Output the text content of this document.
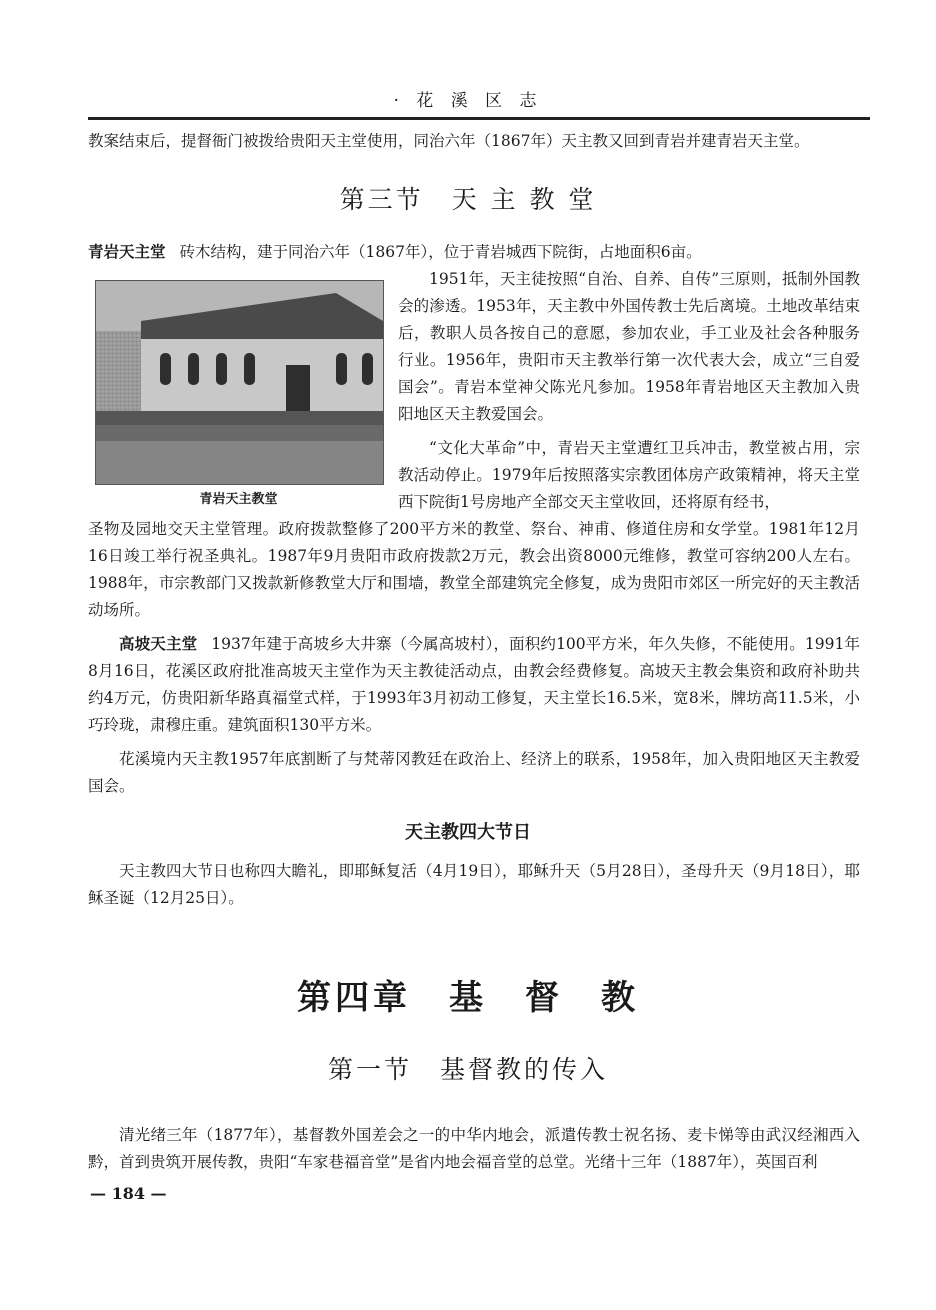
· 花 溪 区 志
教案结束后，提督衙门被拨给贵阳天主堂使用，同治六年（1867年）天主教又回到青岩并建青岩天主堂。
第三节　天 主 教 堂
青岩天主堂 砖木结构，建于同治六年（1867年），位于青岩城西下院街，占地面积6亩。
青岩天主教堂
1951年，天主徒按照“自治、自养、自传”三原则，抵制外国教会的渗透。1953年，天主教中外国传教士先后离境。土地改革结束后，教职人员各按自己的意愿，参加农业，手工业及社会各种服务行业。1956年，贵阳市天主教举行第一次代表大会，成立“三自爱国会”。青岩本堂神父陈光凡参加。1958年青岩地区天主教加入贵阳地区天主教爱国会。
“文化大革命”中，青岩天主堂遭红卫兵冲击，教堂被占用，宗教活动停止。1979年后按照落实宗教团体房产政策精神，将天主堂西下院街1号房地产全部交天主堂收回，还将原有经书，
圣物及园地交天主堂管理。政府拨款整修了200平方米的教堂、祭台、神甫、修道住房和女学堂。1981年12月16日竣工举行祝圣典礼。1987年9月贵阳市政府拨款2万元，教会出资8000元维修，教堂可容纳200人左右。1988年，市宗教部门又拨款新修教堂大厅和围墙，教堂全部建筑完全修复，成为贵阳市郊区一所完好的天主教活动场所。
高坡天主堂 1937年建于高坡乡大井寨（今属高坡村），面积约100平方米，年久失修，不能使用。1991年8月16日，花溪区政府批准高坡天主堂作为天主教徒活动点，由教会经费修复。高坡天主教会集资和政府补助共约4万元，仿贵阳新华路真福堂式样，于1993年3月初动工修复，天主堂长16.5米，宽8米，牌坊高11.5米，小巧玲珑，肃穆庄重。建筑面积130平方米。
花溪境内天主教1957年底割断了与梵蒂冈教廷在政治上、经济上的联系，1958年，加入贵阳地区天主教爱国会。
天主教四大节日
天主教四大节日也称四大瞻礼，即耶稣复活（4月19日），耶稣升天（5月28日），圣母升天（9月18日），耶稣圣诞（12月25日）。
第四章　基　督　教
第一节　基督教的传入
清光绪三年（1877年），基督教外国差会之一的中华内地会，派遣传教士祝名扬、麦卡悌等由武汉经湘西入黔，首到贵筑开展传教，贵阳“车家巷福音堂”是省内地会福音堂的总堂。光绪十三年（1887年），英国百利
— 184 —
